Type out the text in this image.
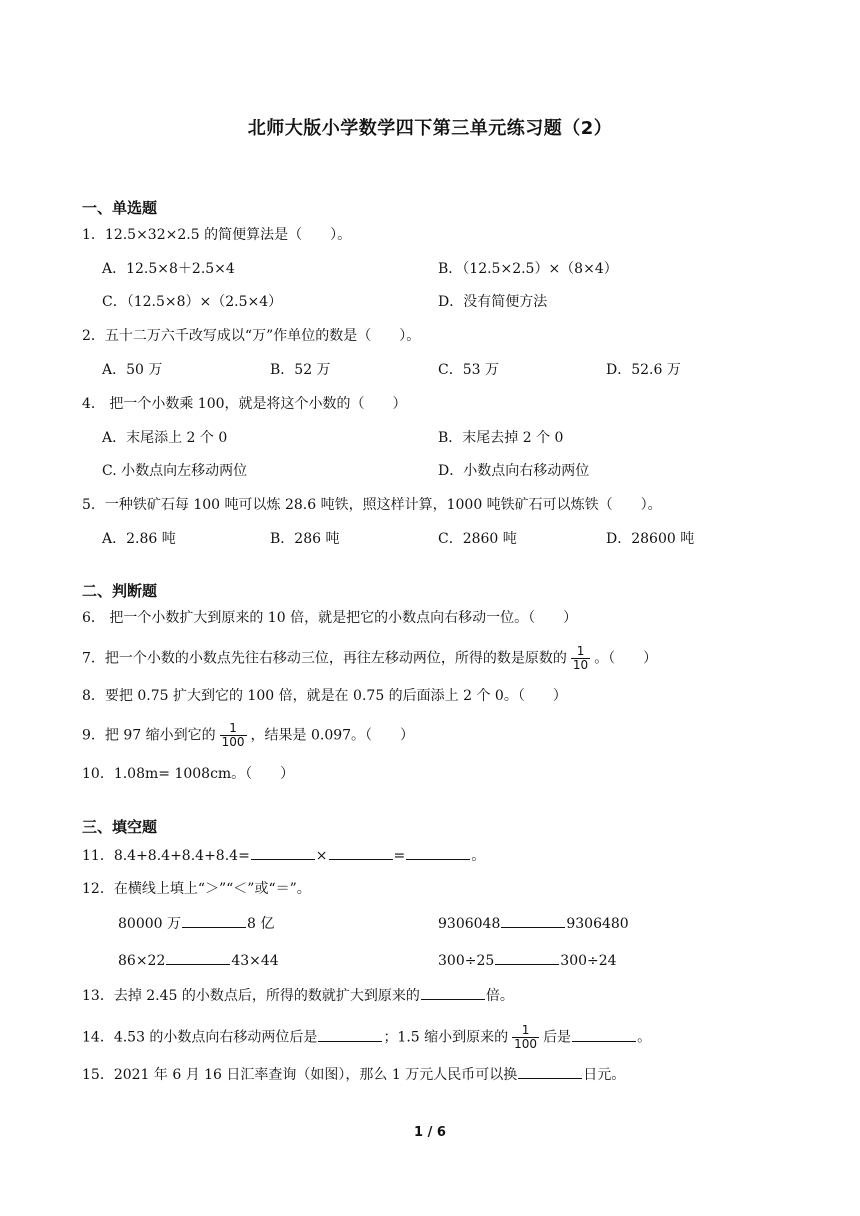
北师大版小学数学四下第三单元练习题（2）
一、单选题
1．12.5×32×2.5 的简便算法是（　　）。
A．12.5×8＋2.5×4	B．（12.5×2.5）×（8×4）
C．（12.5×8）×（2.5×4）	D．没有简便方法
2．五十二万六千改写成以“万”作单位的数是（　　）。
A．50 万	B．52 万	C．53 万	D．52.6 万
4． 把一个小数乘 100，就是将这个小数的（　　）
A．末尾添上 2 个 0	B．末尾去掉 2 个 0
C. 小数点向左移动两位	D．小数点向右移动两位
5．一种铁矿石每 100 吨可以炼 28.6 吨铁，照这样计算，1000 吨铁矿石可以炼铁（　　）。
A．2.86 吨	B．286 吨	C．2860 吨	D．28600 吨
二、判断题
6． 把一个小数扩大到原来的 10 倍，就是把它的小数点向右移动一位。（　　）
7．把一个小数的小数点先往右移动三位，再往左移动两位，所得的数是原数的 $\frac{1}{10}$ 。（　　）
8．要把 0.75 扩大到它的 100 倍，就是在 0.75 的后面添上 2 个 0。（　　）
9．把 97 缩小到它的 $\frac{1}{100}$ ，结果是 0.097。（　　）
10．1.08m= 1008cm。（　　）
三、填空题
11．8.4+8.4+8.4+8.4=	×	=	。
12．在横线上填上“＞”“＜”或“＝”。
80000 万	8 亿	9306048	9306480
86×22	43×44	300÷25	300÷24
13．去掉 2.45 的小数点后，所得的数就扩大到原来的	倍。
14．4.53 的小数点向右移动两位后是	；1.5 缩小到原来的 $\frac{1}{100}$ 后是	。
15．2021 年 6 月 16 日汇率查询（如图），那么 1 万元人民币可以换	日元。
1 / 6
